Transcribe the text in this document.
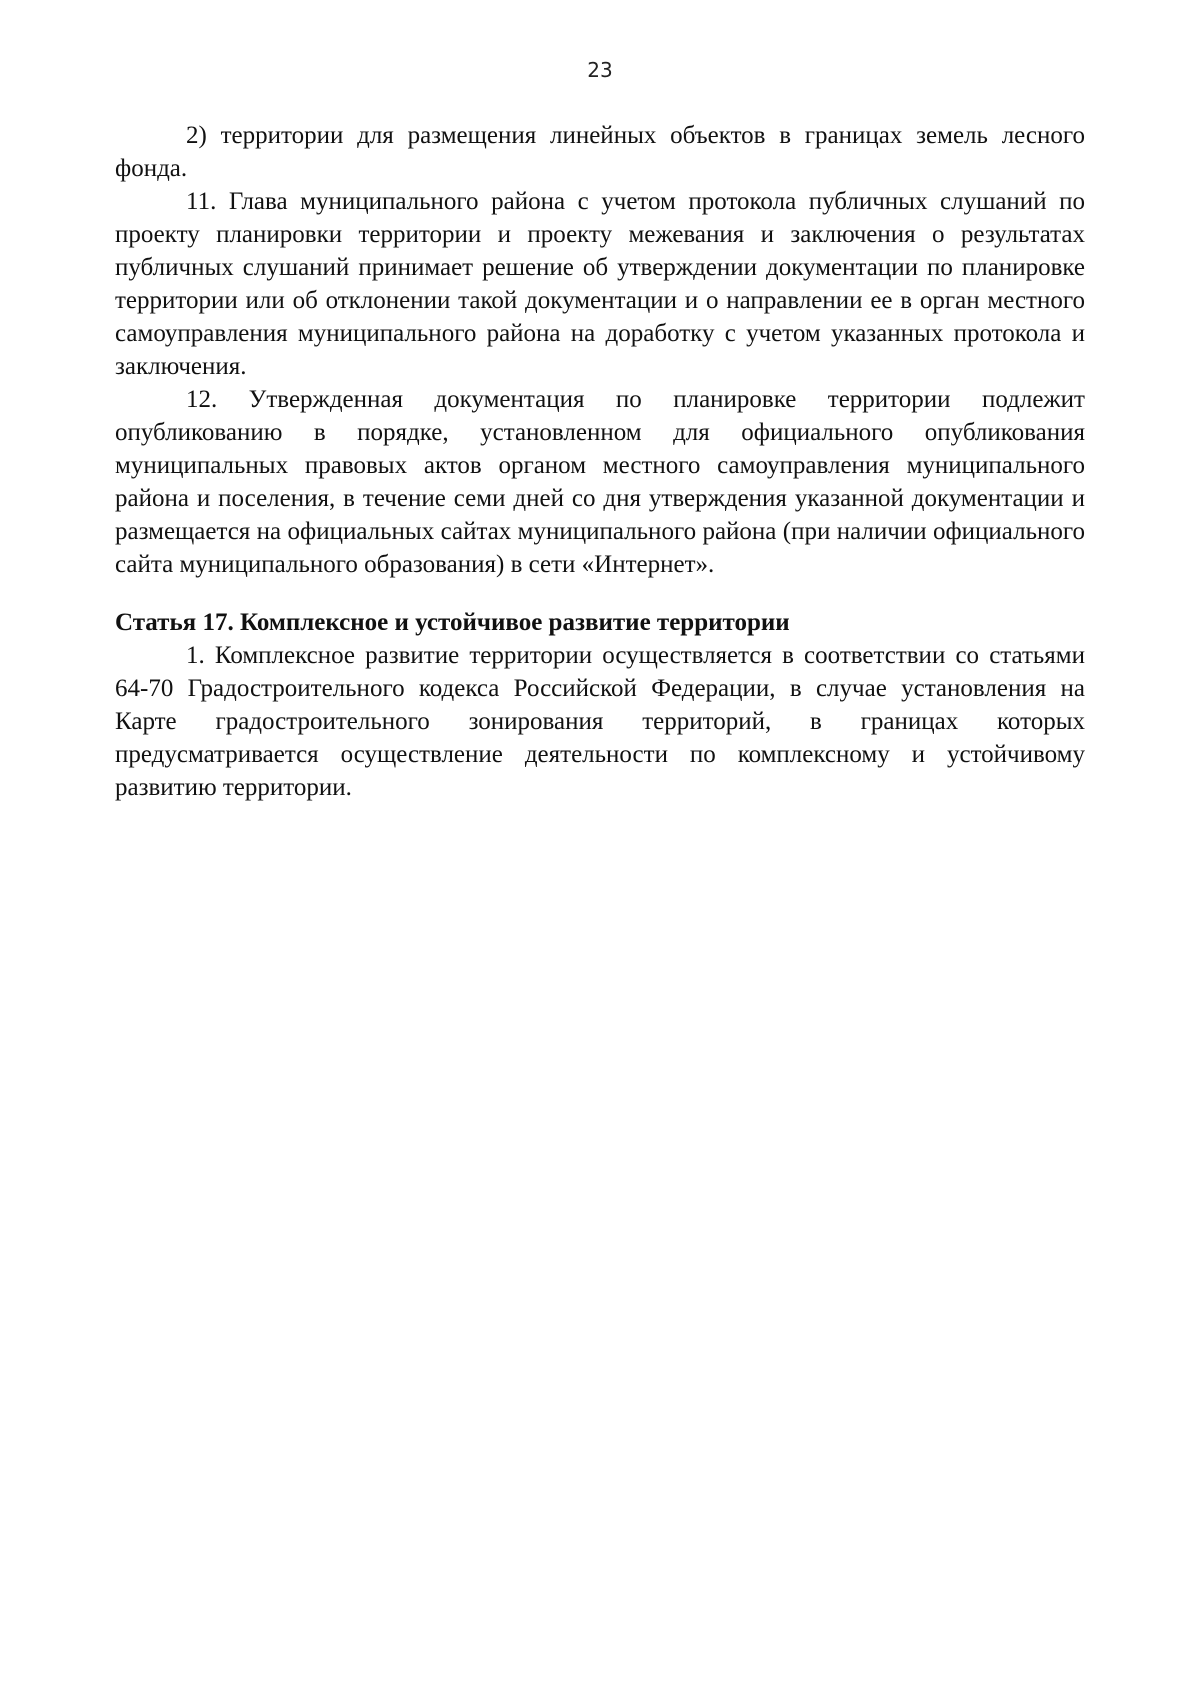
23

2) территории для размещения линейных объектов в границах земель лесного фонда.

11. Глава муниципального района с учетом протокола публичных слушаний по проекту планировки территории и проекту межевания и заключения о результатах публичных слушаний принимает решение об утверждении документации по планировке территории или об отклонении такой документации и о направлении ее в орган местного самоуправления муниципального района на доработку с учетом указанных протокола и заключения.

12. Утвержденная документация по планировке территории подлежит опубликованию в порядке, установленном для официального опубликования муниципальных правовых актов органом местного самоуправления муниципального района и поселения, в течение семи дней со дня утверждения указанной документации и размещается на официальных сайтах муниципального района (при наличии официального сайта муниципального образования) в сети «Интернет».

Статья 17. Комплексное и устойчивое развитие территории

1. Комплексное развитие территории осуществляется в соответствии со статьями 64-70 Градостроительного кодекса Российской Федерации, в случае установления на Карте градостроительного зонирования территорий, в границах которых предусматривается осуществление деятельности по комплексному и устойчивому развитию территории.
